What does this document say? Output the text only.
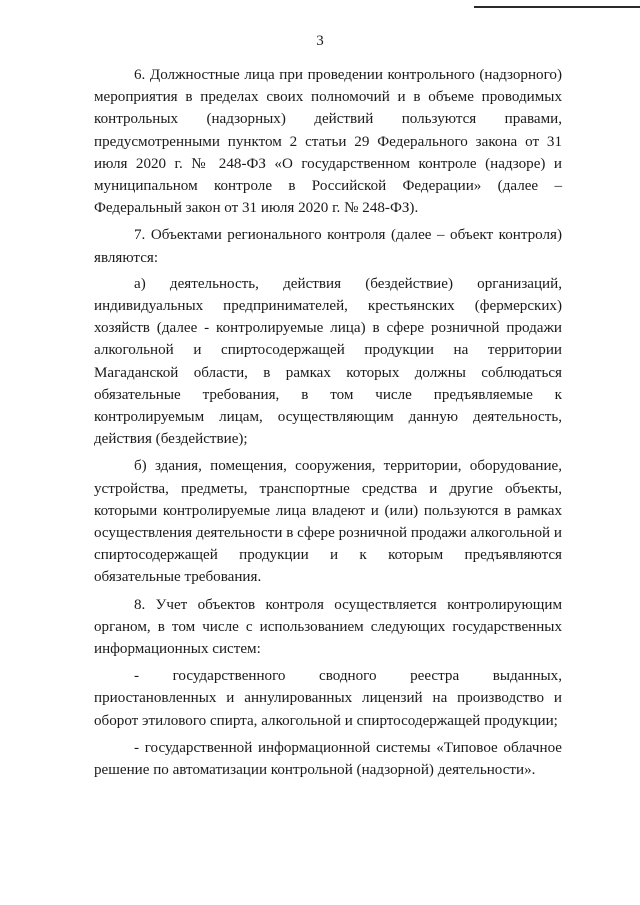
3

6. Должностные лица при проведении контрольного (надзорного) мероприятия в пределах своих полномочий и в объеме проводимых контрольных (надзорных) действий пользуются правами, предусмотренными пунктом 2 статьи 29 Федерального закона от 31 июля 2020 г. № 248-ФЗ «О государственном контроле (надзоре) и муниципальном контроле в Российской Федерации» (далее – Федеральный закон от 31 июля 2020 г. № 248-ФЗ).

7. Объектами регионального контроля (далее – объект контроля) являются:

а) деятельность, действия (бездействие) организаций, индивидуальных предпринимателей, крестьянских (фермерских) хозяйств (далее - контролируемые лица) в сфере розничной продажи алкогольной и спиртосодержащей продукции на территории Магаданской области, в рамках которых должны соблюдаться обязательные требования, в том числе предъявляемые к контролируемым лицам, осуществляющим данную деятельность, действия (бездействие);

б) здания, помещения, сооружения, территории, оборудование, устройства, предметы, транспортные средства и другие объекты, которыми контролируемые лица владеют и (или) пользуются в рамках осуществления деятельности в сфере розничной продажи алкогольной и спиртосодержащей продукции и к которым предъявляются обязательные требования.

8. Учет объектов контроля осуществляется контролирующим органом, в том числе с использованием следующих государственных информационных систем:

- государственного сводного реестра выданных, приостановленных и аннулированных лицензий на производство и оборот этилового спирта, алкогольной и спиртосодержащей продукции;

- государственной информационной системы «Типовое облачное решение по автоматизации контрольной (надзорной) деятельности».
